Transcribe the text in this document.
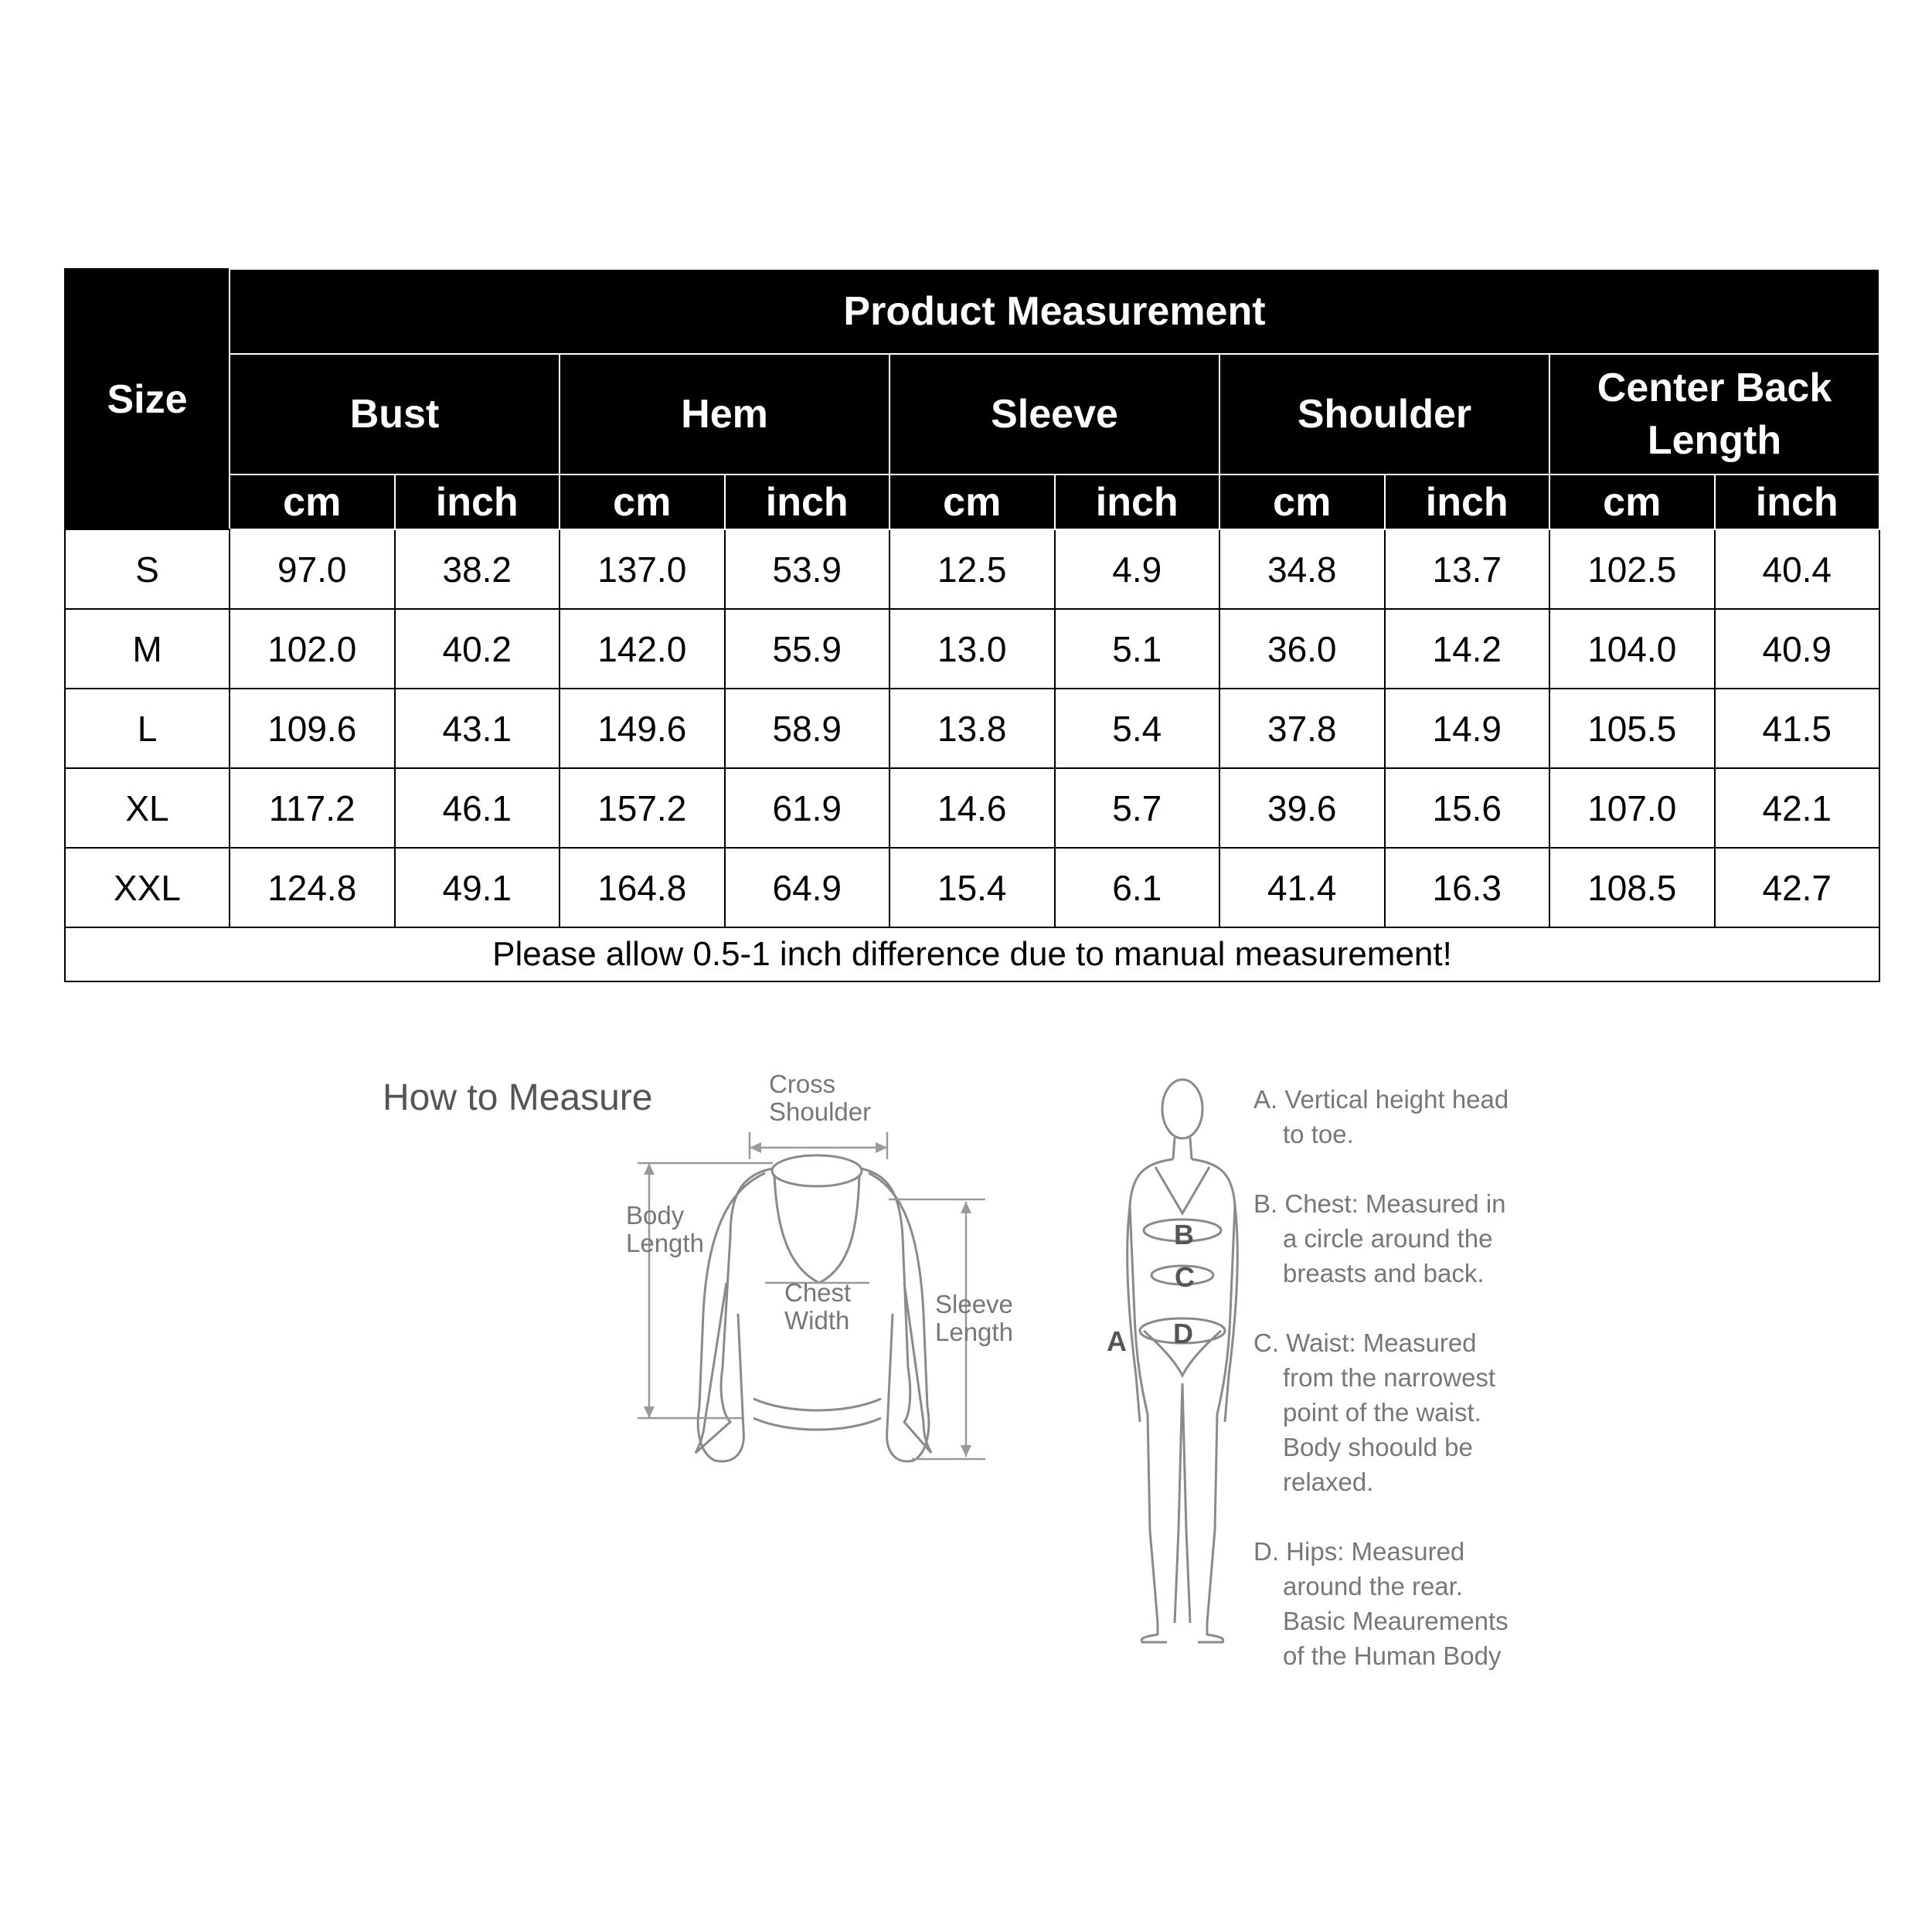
Size	Product Measurement									
	Bust		Hem		Sleeve		Shoulder		Center Back
Length	
	cm	inch	cm	inch	cm	inch	cm	inch	cm	inch
S	97.0	38.2	137.0	53.9	12.5	4.9	34.8	13.7	102.5	40.4
M	102.0	40.2	142.0	55.9	13.0	5.1	36.0	14.2	104.0	40.9
L	109.6	43.1	149.6	58.9	13.8	5.4	37.8	14.9	105.5	41.5
XL	117.2	46.1	157.2	61.9	14.6	5.7	39.6	15.6	107.0	42.1
XXL	124.8	49.1	164.8	64.9	15.4	6.1	41.4	16.3	108.5	42.7
Please allow 0.5-1 inch difference due to manual measurement!										
How to Measure	Cross
Shoulder
Body
Length
Chest
Width
Sleeve
Length	A
B
C
D
A. Vertical height head to toe.
B. Chest: Measured in a circle around the breasts and back.
C. Waist: Measured from the narrowest point of the waist. Body shoould be relaxed.
D. Hips: Measured around the rear. Basic Meaurements of the Human Body
